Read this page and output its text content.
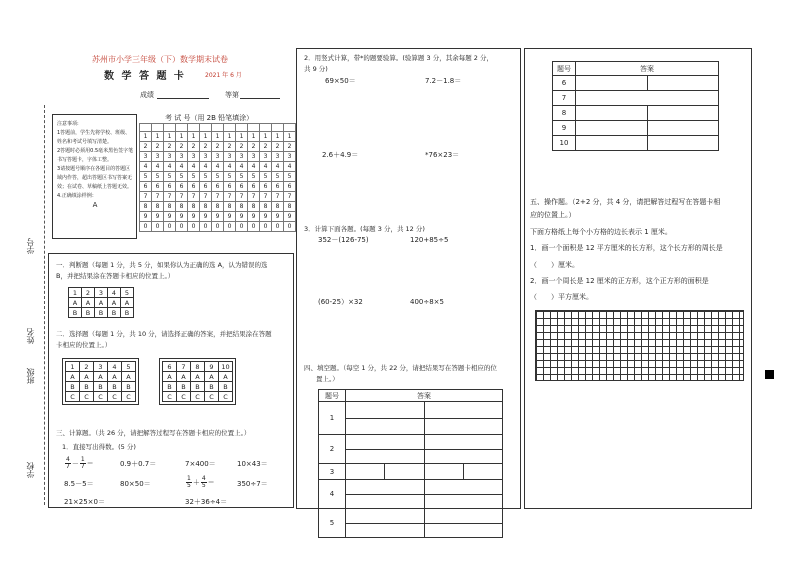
苏州市小学三年级（下）数学期末试卷
数 学 答 题 卡	2021 年 6 月
成绩	等第
学号
姓名
班级
学校
注意事项:
1答题前，学生先将学校、班级、
姓名和考试号填写清楚。
2答题时必须用0.5毫米黑色签字笔
书写答题卡，字体工整。
3请按题号顺序在各题目的答题区
域内作答，超出答题区书写答案无
效；在试卷、草稿纸上答题无效。
4.正确填涂样例：
A
考 试 号（用 2B 铅笔填涂）

1	1	1	1	1	1	1	1	1	1	1	1	1
2	2	2	2	2	2	2	2	2	2	2	2	2
3	3	3	3	3	3	3	3	3	3	3	3	3
4	4	4	4	4	4	4	4	4	4	4	4	4
5	5	5	5	5	5	5	5	5	5	5	5	5
6	6	6	6	6	6	6	6	6	6	6	6	6
7	7	7	7	7	7	7	7	7	7	7	7	7
8	8	8	8	8	8	8	8	8	8	8	8	8
9	9	9	9	9	9	9	9	9	9	9	9	9
0	0	0	0	0	0	0	0	0	0	0	0	0
一．判断题（每题 1 分，共 5 分，如果你认为正确的选 A，认为错误的选
B，并把结果涂在答题卡相应的位置上。）
1	2	3	4	5
A	A	A	A	A
B	B	B	B	B
二．选择题（每题 1 分，共 10 分，请选择正确的答案，并把结果涂在答题
卡相应的位置上。）
1	2	3	4	5
A	A	A	A	A
B	B	B	B	B
C	C	C	C	C
6	7	8	9	10
A	A	A	A	A
B	B	B	B	B
C	C	C	C	C
三、计算题。（共 26 分，请把解答过程写在答题卡相应的位置上。）
1．直接写出得数。(5 分)
$\frac{4}{7} - \frac{1}{7}$ ＝	0.9＋0.7＝	7×400＝	10×43＝
8.5－5＝	80×50＝	$\frac{1}{5} + \frac{4}{5}$ ＝	350÷7＝
21×25×0＝	32＋36÷4＝
2．用竖式计算，带*的题要验算。(验算题 3 分，其余每题 2 分，
共 9 分)
69×50＝	7.2－1.8＝
2.6＋4.9＝	*76×23＝
3．计算下面各题。(每题 3 分，共 12 分)
352－(126-75)	120+85÷5
(60-25）×32	400÷8×5
四、填空题。（每空 1 分，共 22 分，请把结果写在答题卡相应的位
置上。）
题号	答案			
1				

2				

3				
4				

5				

题号	答案	
6		
7		
8		
9		
10		
五、操作题。（2+2 分，共 4 分，请把解答过程写在答题卡相
应的位置上。）
下面方格纸上每个小方格的边长表示 1 厘米。
1．画一个面积是 12 平方厘米的长方形，这个长方形的周长是
（　　）厘米。
2．画一个周长是 12 厘米的正方形，这个正方形的面积是
（　　）平方厘米。
